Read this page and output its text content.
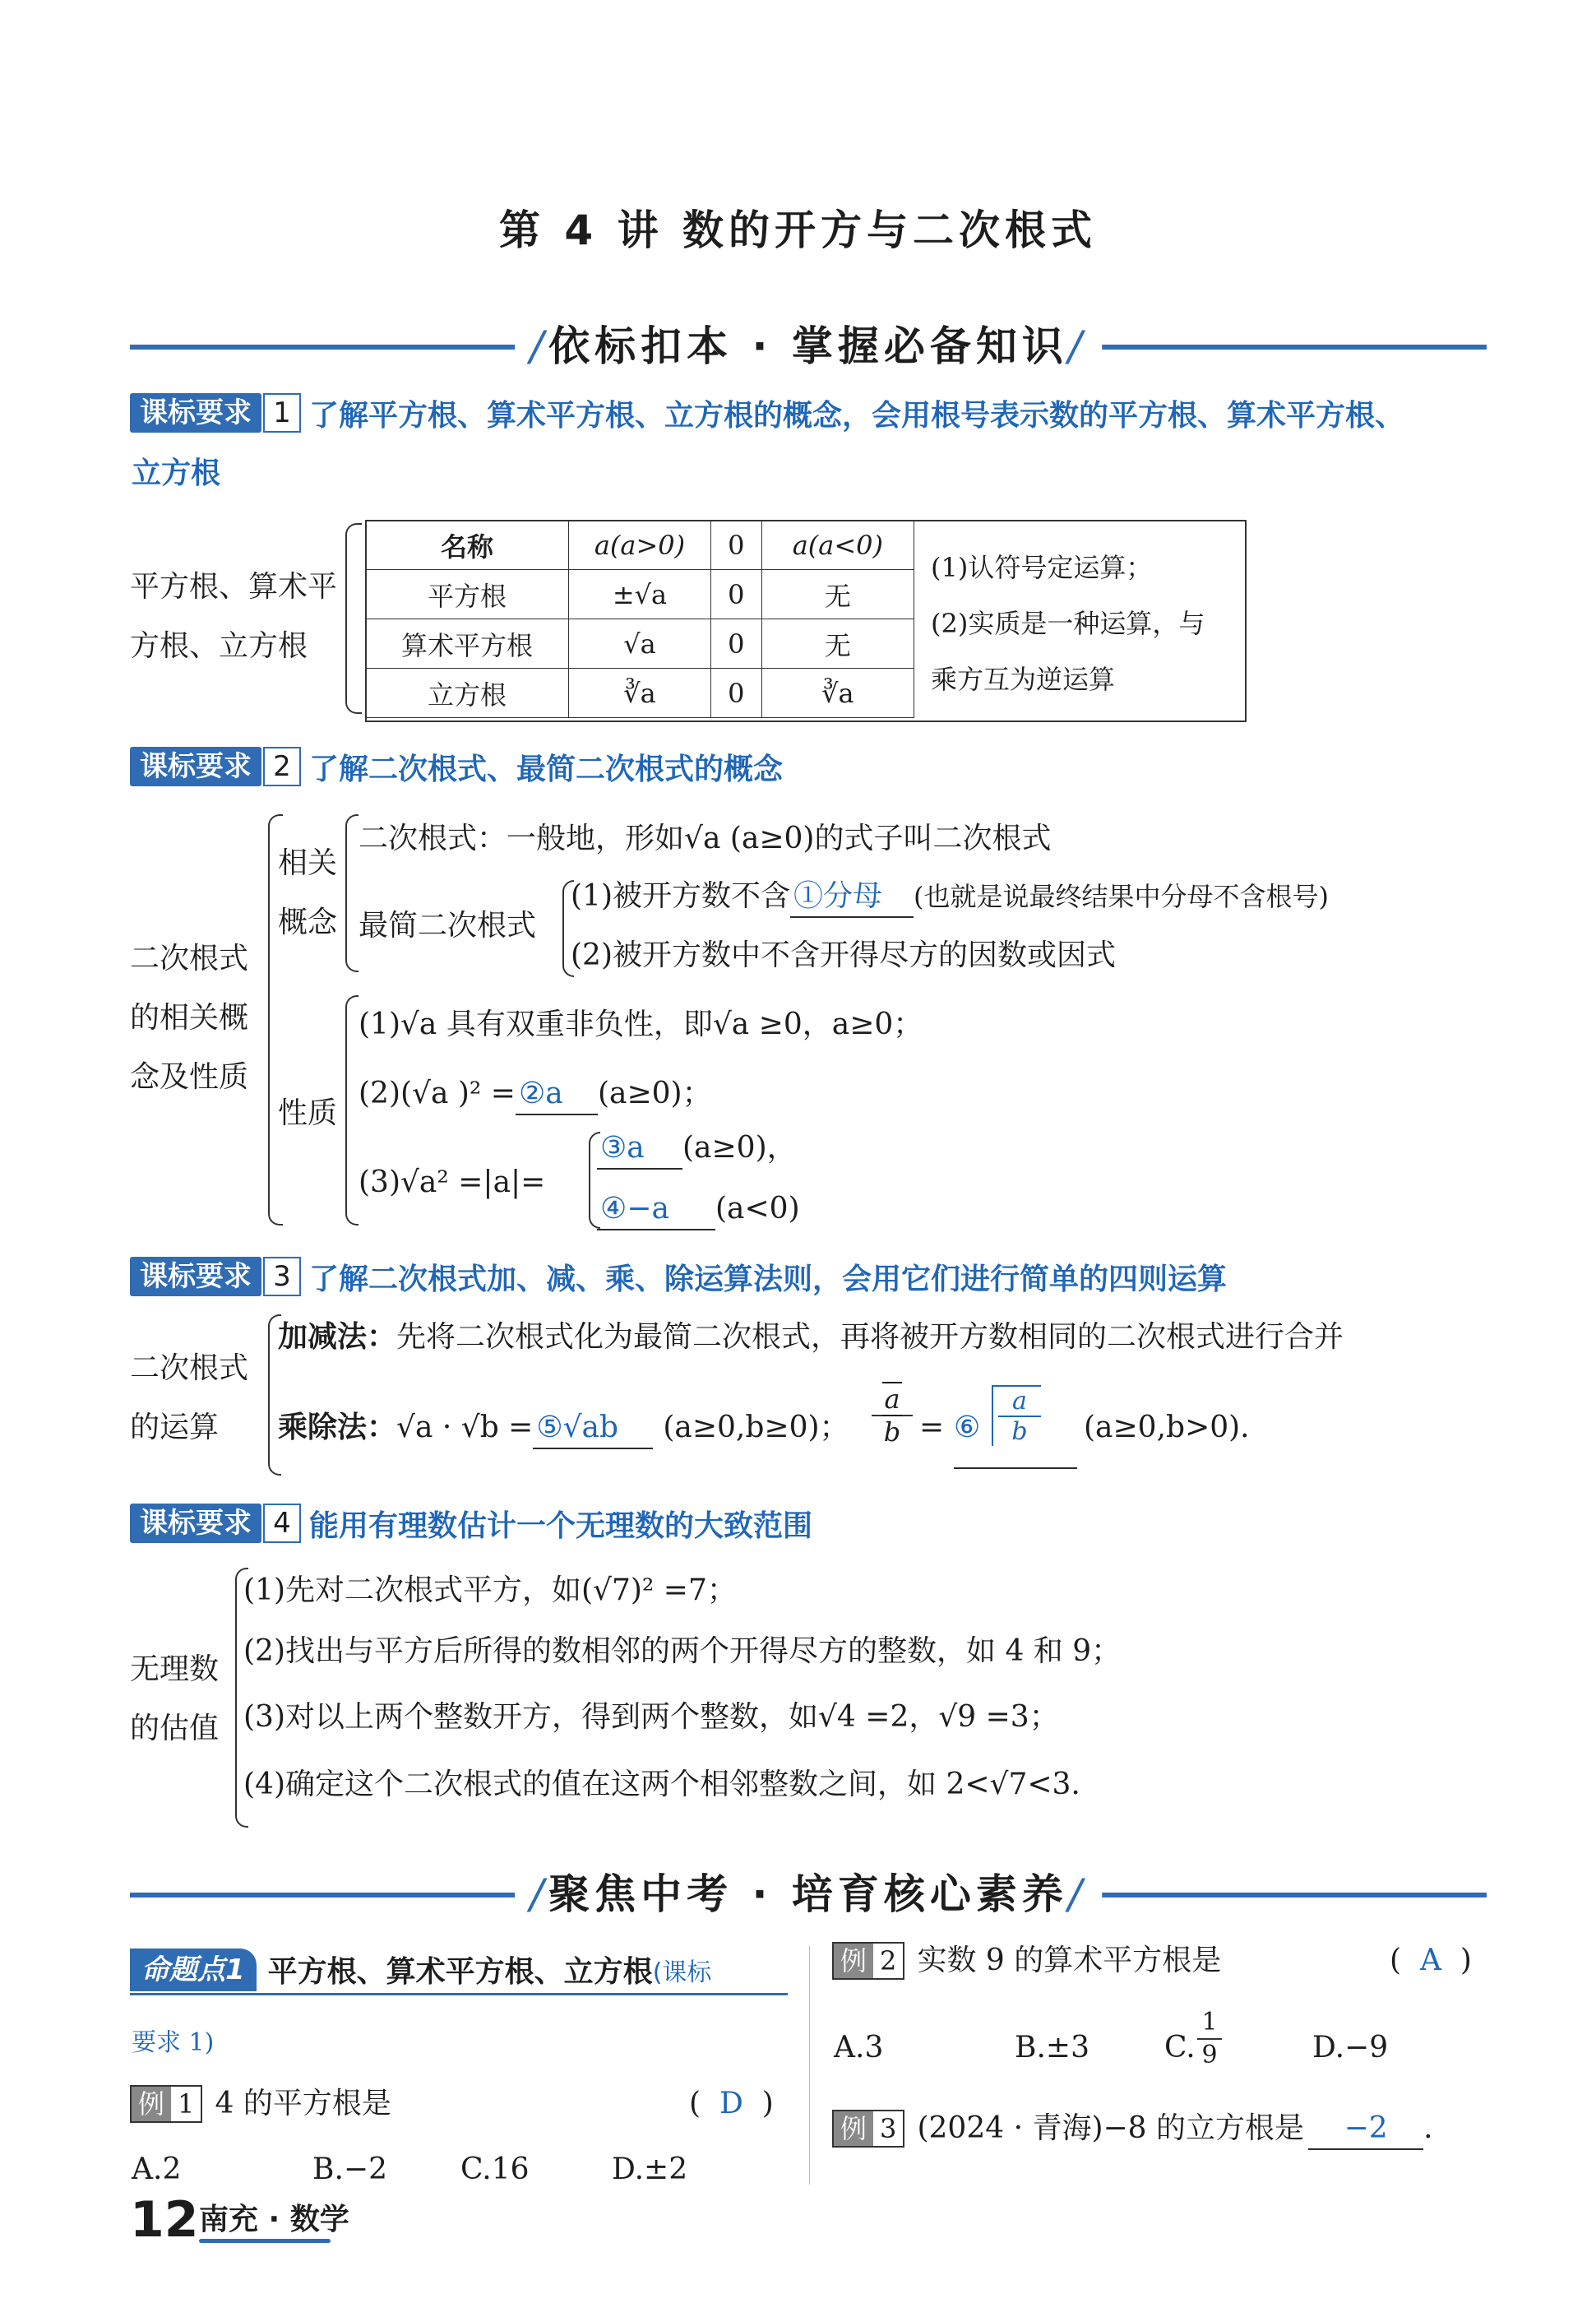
第 4 讲 数的开方与二次根式
/依标扣本 · 掌握必备知识/
课标要求 1 了解平方根、算术平方根、立方根的概念，会用根号表示数的平方根、算术平方根、
立方根
平方根、算术平
方根、立方根
名称	a(a>0)	0	a(a<0)
平方根	±√a	0	无
算术平方根	√a	0	无
立方根	∛a	0	∛a
(1)认符号定运算；
(2)实质是一种运算，与
乘方互为逆运算
课标要求 2 了解二次根式、最简二次根式的概念
二次根式
的相关概
念及性质
相关
概念
二次根式：一般地，形如√a (a≥0)的式子叫二次根式
最简二次根式
(1)被开方数不含 ①分母 (也就是说最终结果中分母不含根号)
(2)被开方数中不含开得尽方的因数或因式
性质
(1)√a 具有双重非负性，即√a ≥0，a≥0；
(2)(√a )² = ②a (a≥0)；
(3)√a² =|a|=
③a (a≥0)，
④−a (a<0)
课标要求 3 了解二次根式加、减、乘、除运算法则，会用它们进行简单的四则运算
二次根式
的运算
加减法：先将二次根式化为最简二次根式，再将被开方数相同的二次根式进行合并
乘除法：√a · √b = ⑤√ab (a≥0,b≥0)；
a
b = ⑥
a
b	(a≥0,b>0).
课标要求 4 能用有理数估计一个无理数的大致范围
无理数
的估值
(1)先对二次根式平方，如(√7)² =7；
(2)找出与平方后所得的数相邻的两个开得尽方的整数，如 4 和 9；
(3)对以上两个整数开方，得到两个整数，如√4 =2，√9 =3；
(4)确定这个二次根式的值在这两个相邻整数之间，如 2<√7<3.
/聚焦中考 · 培育核心素养/
命题点1 平方根、算术平方根、立方根 (课标
要求 1)
例 1 4 的平方根是	(  D  )
A.2	B.−2 C.16	D.±2
例 2 实数 9 的算术平方根是	(  A  )
A.3	B.±3	C.
1
9	D.−9
例 3 (2024 · 青海)−8 的立方根是 −2 .
12 南充 · 数学
